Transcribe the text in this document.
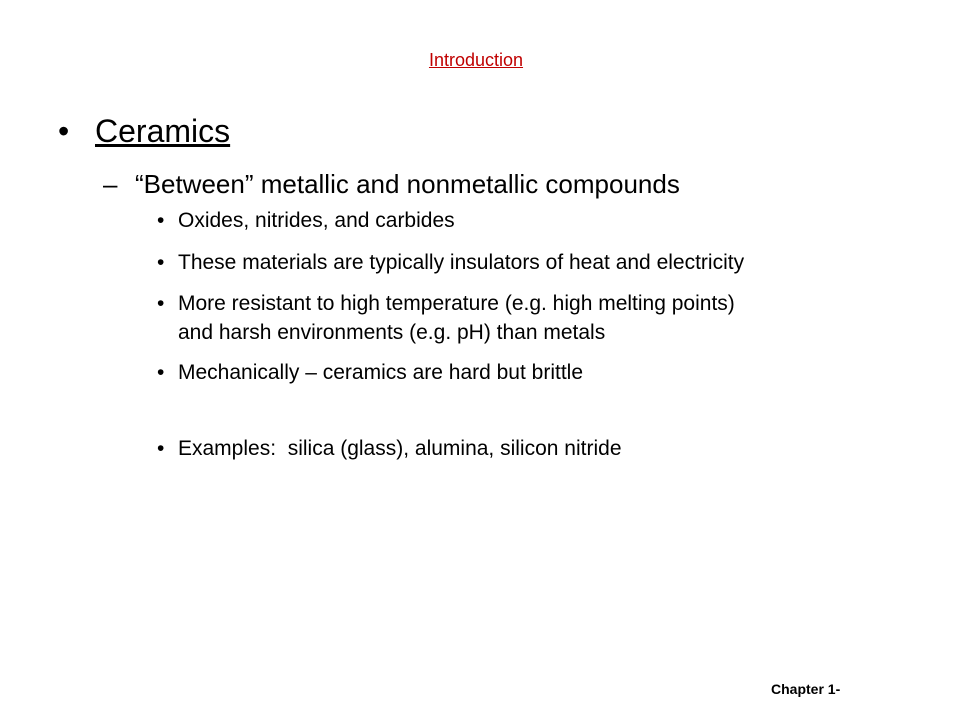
Introduction
• Ceramics
– “Between” metallic and nonmetallic compounds
• Oxides, nitrides, and carbides
• These materials are typically insulators of heat and electricity
• More resistant to high temperature (e.g. high melting points)
and harsh environments (e.g. pH) than metals
• Mechanically – ceramics are hard but brittle
• Examples:  silica (glass), alumina, silicon nitride
Chapter 1-
